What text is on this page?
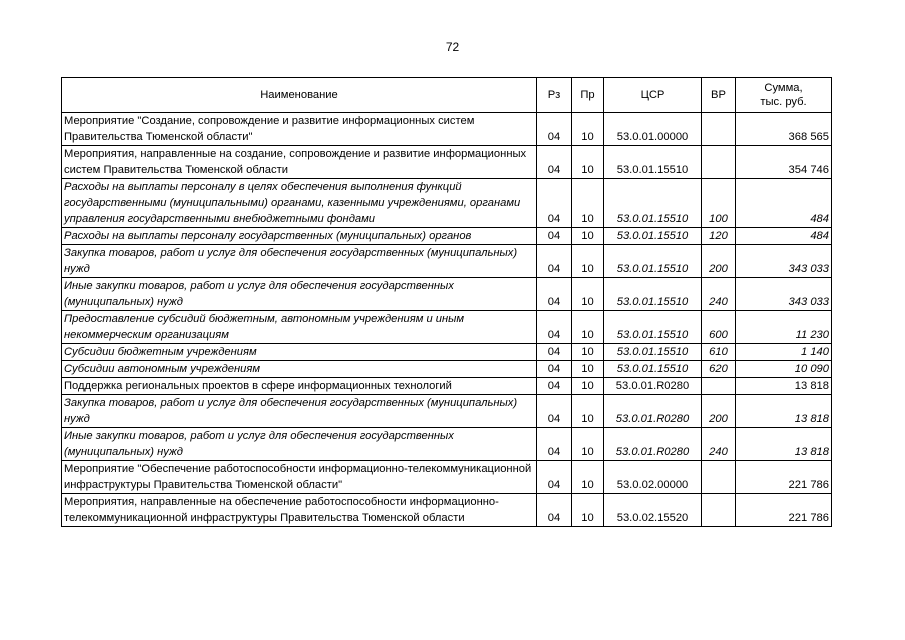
72
Наименование	Рз	Пр	ЦСР	ВР	Сумма,
тыс. руб.
Мероприятие "Создание, сопровождение и развитие информационных систем Правительства Тюменской области"	04	10	53.0.01.00000		368 565
Мероприятия, направленные на создание, сопровождение и развитие информационных систем Правительства Тюменской области	04	10	53.0.01.15510		354 746
Расходы на выплаты персоналу в целях обеспечения выполнения функций государственными (муниципальными) органами, казенными учреждениями, органами управления государственными внебюджетными фондами	04	10	53.0.01.15510	100	484
Расходы на выплаты персоналу государственных (муниципальных) органов	04	10	53.0.01.15510	120	484
Закупка товаров, работ и услуг для обеспечения государственных (муниципальных) нужд	04	10	53.0.01.15510	200	343 033
Иные закупки товаров, работ и услуг для обеспечения государственных (муниципальных) нужд	04	10	53.0.01.15510	240	343 033
Предоставление субсидий бюджетным, автономным учреждениям и иным некоммерческим организациям	04	10	53.0.01.15510	600	11 230
Субсидии бюджетным учреждениям	04	10	53.0.01.15510	610	1 140
Субсидии автономным учреждениям	04	10	53.0.01.15510	620	10 090
Поддержка региональных проектов в сфере информационных технологий	04	10	53.0.01.R0280		13 818
Закупка товаров, работ и услуг для обеспечения государственных (муниципальных) нужд	04	10	53.0.01.R0280	200	13 818
Иные закупки товаров, работ и услуг для обеспечения государственных (муниципальных) нужд	04	10	53.0.01.R0280	240	13 818
Мероприятие "Обеспечение работоспособности информационно-телекоммуникационной инфраструктуры Правительства Тюменской области"	04	10	53.0.02.00000		221 786
Мероприятия, направленные на обеспечение работоспособности информационно-телекоммуникационной инфраструктуры Правительства Тюменской области	04	10	53.0.02.15520		221 786
